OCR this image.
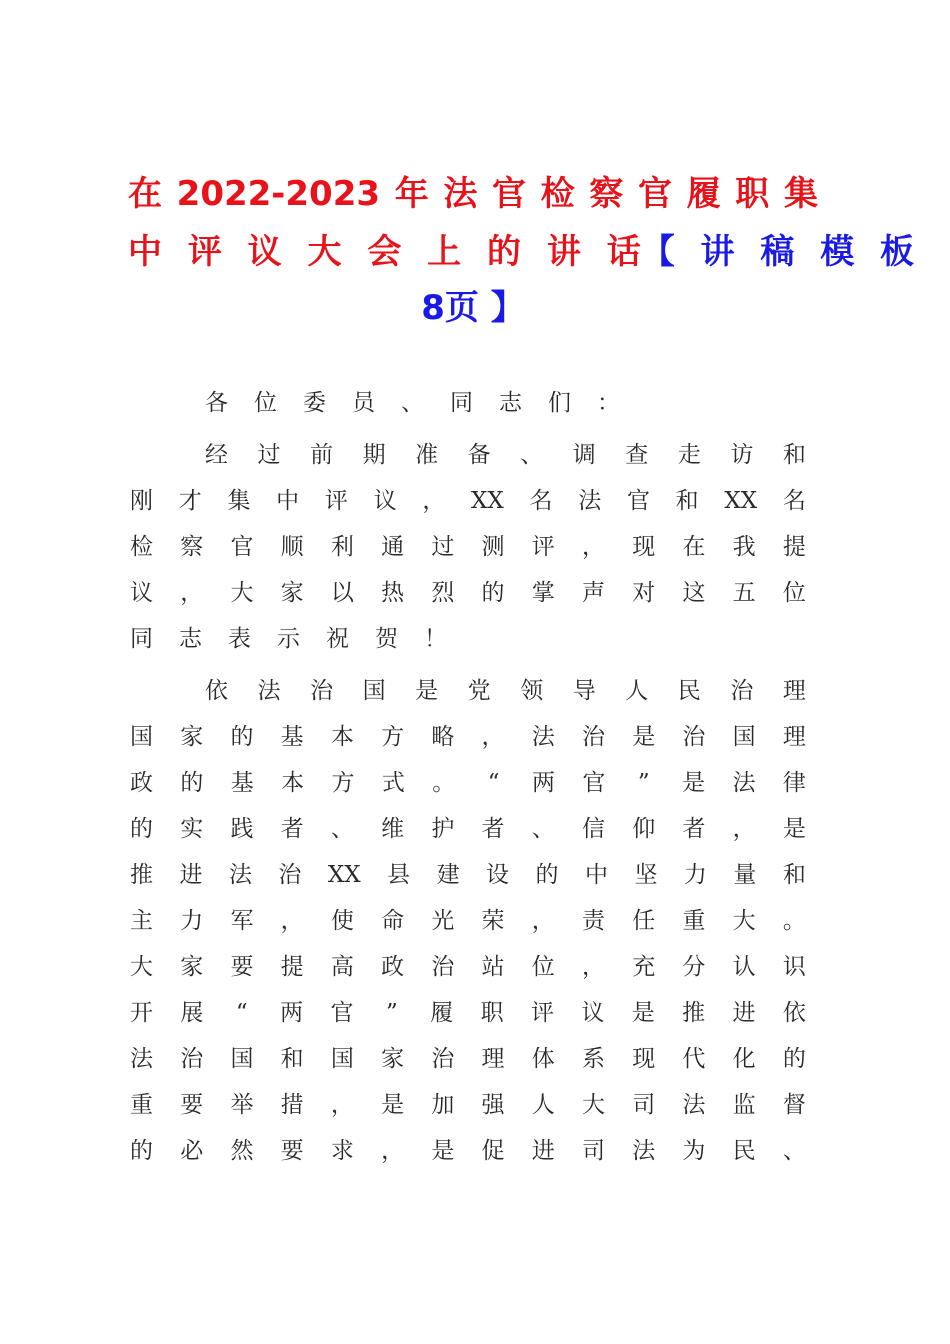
在 2022-2023 年 法 官 检 察 官 履 职 集
中 评 议 大 会 上 的 讲 话 【 讲 稿 模 板
8页 】
各 位 委 员 、 同 志 们 ：
经 过 前 期 准 备 、 调 查 走 访 和
刚 才 集 中 评 议 ， XX 名 法 官 和 XX 名
检 察 官 顺 利 通 过 测 评 ， 现 在 我 提
议 ， 大 家 以 热 烈 的 掌 声 对 这 五 位
同 志 表 示 祝 贺 ！
依 法 治 国 是 党 领 导 人 民 治 理
国 家 的 基 本 方 略 ， 法 治 是 治 国 理
政 的 基 本 方 式 。 “ 两 官 ” 是 法 律
的 实 践 者 、 维 护 者 、 信 仰 者 ， 是
推 进 法 治 XX 县 建 设 的 中 坚 力 量 和
主 力 军 ， 使 命 光 荣 ， 责 任 重 大 。
大 家 要 提 高 政 治 站 位 ， 充 分 认 识
开 展 “ 两 官 ” 履 职 评 议 是 推 进 依
法 治 国 和 国 家 治 理 体 系 现 代 化 的
重 要 举 措 ， 是 加 强 人 大 司 法 监 督
的 必 然 要 求 ， 是 促 进 司 法 为 民 、
